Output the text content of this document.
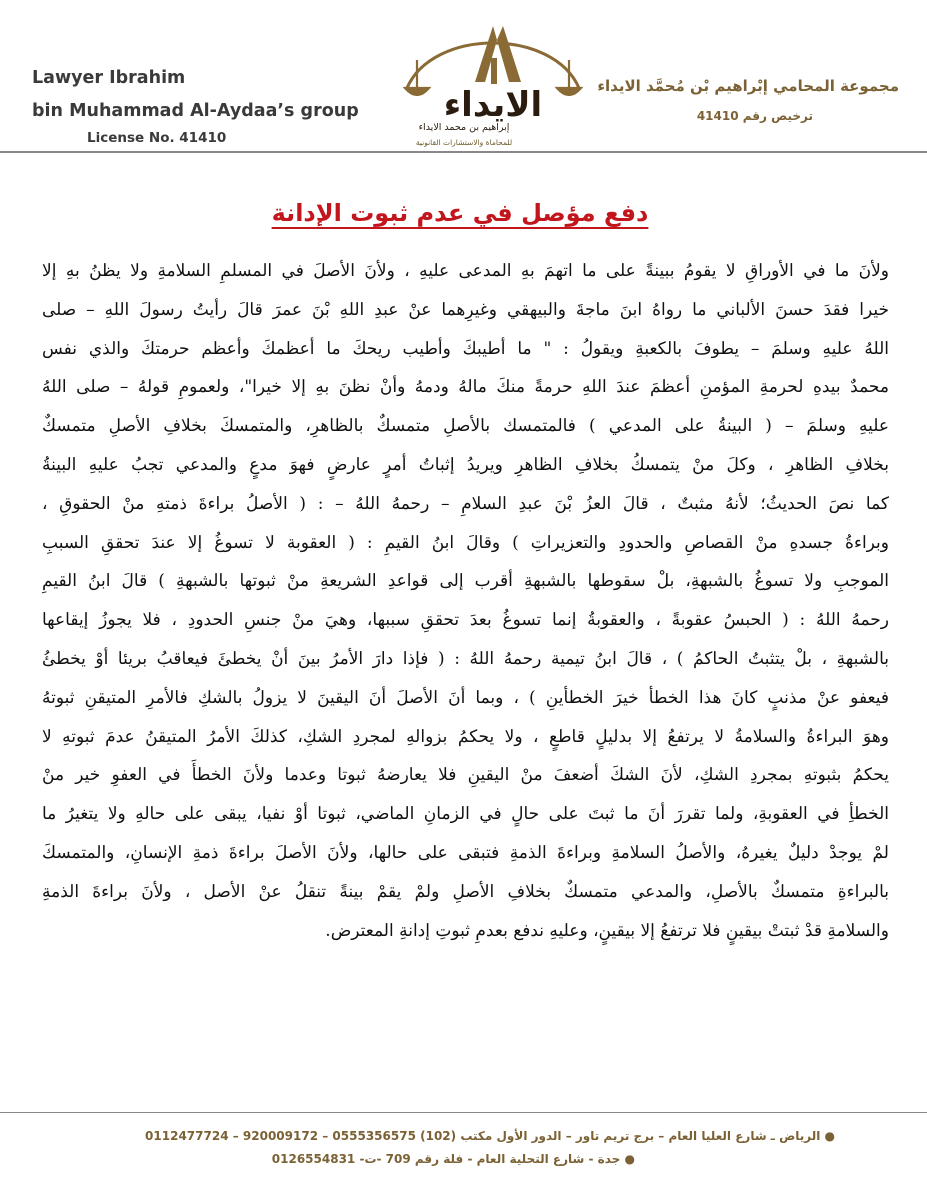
Lawyer Ibrahim
bin Muhammad Al-Aydaa’s group
License No. 41410
مجموعة المحامي إبْراهيم بْن مُحمَّد الايداء
ترخيص رقم 41410
الايداء
إبراهيم بن محمد الايداء
للمحاماة والاستشارات القانونية
دفع مؤصل في عدم ثبوت الإدانة
ولأنَ ما في الأوراقِ لا يقومُ ببينةً على ما اتهمَ بهِ المدعى عليهِ ، ولأنَ الأصلَ في المسلمِ السلامةِ ولا يظنُ بهِ إلا
خيرا فقدَ حسنَ الألباني ما رواهُ ابنَ ماجةَ والبيهقي وغيرِهما عنْ عبدِ اللهِ بْنَ عمرَ قالَ رأيتُ رسولَ اللهِ – صلى
اللهُ عليهِ وسلمَ – يطوفَ بالكعبةِ ويقولُ : " ما أطيبكَ وأطيب ريحكَ ما أعظمكَ وأعظم حرمتكَ والذي نفس
محمدٌ بيدهِ لحرمةِ المؤمنِ أعظمَ عندَ اللهِ حرمةً منكَ مالهُ ودمهُ وأنْ نظنَ بهِ إلا خيرا"، ولعمومِ قولهُ – صلى اللهُ
عليهِ وسلمَ – ( البينةُ على المدعي ) فالمتمسك بالأصلِ متمسكٌ بالظاهرِ، والمتمسكَ بخلافِ الأصلِ متمسكٌ
بخلافِ الظاهرِ ، وكلَ منْ يتمسكُ بخلافِ الظاهرِ ويريدُ إثباتُ أمرٍ عارضٍ فهوَ مدعٍ والمدعي تجبُ عليهِ البينةُ
كما نصَ الحديثُ؛ لأنهُ مثبتٌ ، قالَ العزُ بْنَ عبدِ السلامِ – رحمهُ اللهُ – : ( الأصلُ براءةَ ذمتهِ منْ الحقوقِ ،
وبراءةُ جسدهِ منْ القصاصِ والحدودِ والتعزيراتِ ) وقالَ ابنُ القيمِ : ( العقوبة لا تسوغُ إلا عندَ تحققِ السببِ
الموجبِ ولا تسوغُ بالشبهةِ، بلْ سقوطها بالشبهةِ أقرب إلى قواعدِ الشريعةِ منْ ثبوتها بالشبهةِ ) قالَ ابنُ القيمِ
رحمهُ اللهُ : ( الحبسُ عقوبةً ، والعقوبةُ إنما تسوغُ بعدَ تحققِ سببها، وهيَ منْ جنسِ الحدودِ ، فلا يجوزُ إيقاعها
بالشبهةِ ، بلْ يتثبتُ الحاكمُ ) ، قالَ ابنُ تيمية رحمهُ اللهُ : ( فإذا دارَ الأمرُ بينَ أنْ يخطئَ فيعاقبُ بريئا أوْ يخطئُ
فيعفو عنْ مذنبٍ كانَ هذا الخطأ خيرَ الخطأينِ ) ، وبما أنَ الأصلَ أنَ اليقينَ لا يزولُ بالشكِ فالأمرِ المتيقنِ ثبوتهُ
وهوَ البراءةُ والسلامةُ لا يرتفعُ إلا بدليلٍ قاطعٍ ، ولا يحكمُ بزوالهِ لمجردِ الشكِ، كذلكَ الأمرُ المتيقنُ عدمَ ثبوتهِ لا
يحكمُ بثبوتهِ بمجردِ الشكِ، لأنَ الشكَ أضعفَ منْ اليقينِ فلا يعارضهُ ثبوتا وعدما ولأنَ الخطأَ في العفوِ خير منْ
الخطأِ في العقوبةِ، ولما تقررَ أنَ ما ثبتَ على حالٍ في الزمانِ الماضي، ثبوتا أوْ نفيا، يبقى على حالهِ ولا يتغيرُ ما
لمْ يوجدْ دليلٌ يغيرهُ، والأصلُ السلامةِ وبراءةَ الذمةِ فتبقى على حالها، ولأنَ الأصلَ براءةَ ذمةِ الإنسانِ، والمتمسكَ
بالبراءةِ متمسكٌ بالأصلِ، والمدعي متمسكٌ بخلافِ الأصلِ ولمْ يقمْ بينةً تنقلُ عنْ الأصل ، ولأنَ براءةَ الذمةِ
والسلامةِ قدْ ثبتتْ بيقينٍ فلا ترتفعُ إلا بيقينٍ، وعليهِ ندفع بعدمِ ثبوتِ إدانةِ المعترض.
● الرياض ـ شارع العليا العام – برج تريم تاور – الدور الأول مكتب (102) 0555356575 – 920009172 – 0112477724
● جدة - شارع التحلية العام - فلة رقم 709 -ت- 0126554831
